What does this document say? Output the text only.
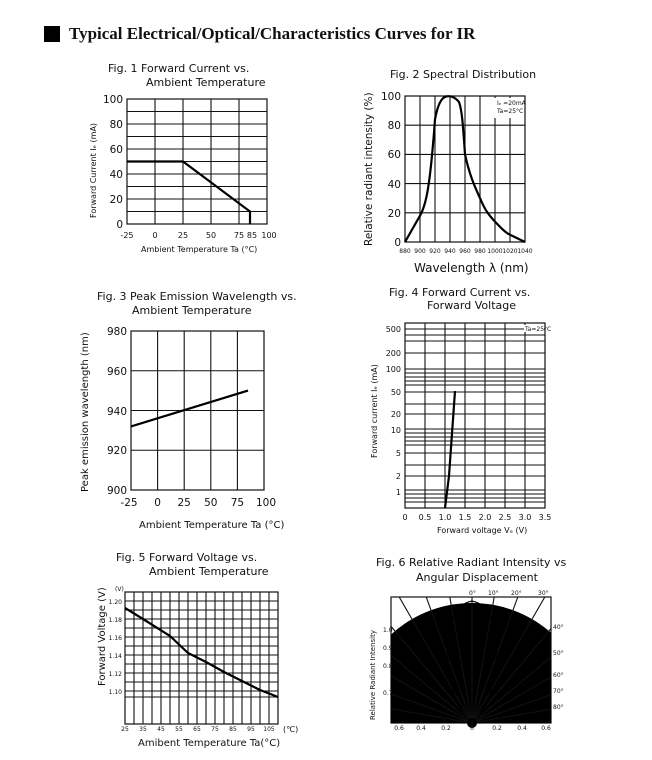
Typical Electrical/Optical/Characteristics Curves for IR
Fig. 1 Forward Current vs.
Ambient Temperature
100
80
60
40
20
0
-25 0	25 50 75 85 100
Ambient Temperature Ta (°C)
Forward Current Iₑ (mA)
Fig. 2 Spectral Distribution
Iₑ =20mA
Ta=25°C
100
80
60
40
20
0
880 900 920 940 960 980 1000 1020 1040
Wavelength λ (nm)
Relative radiant intensity (%)
Fig. 3 Peak Emission Wavelength vs.
Ambient Temperature
980
960
940
920
900
-25 0 25 50 75 100
Ambient Temperature Ta (°C)
Peak emission wavelength (nm)
Fig. 4 Forward Current vs.
Forward Voltage
Ta=25°C
500
200
100
50
20
10
5
2
1
0 0.5 1.0 1.5 2.0 2.5 3.0 3.5
Forward voltage Vₑ (V)
Forward current Iₑ (mA)
Fig. 5 Forward Voltage vs.
Ambient Temperature
(V)
1.20
1.18
1.16
1.14
1.12
1.10
25 35 45 55 65 75 85 95 105 (℃)
Amibent Temperature Ta(°C)
Forward Voltage (V)
Fig. 6 Relative Radiant Intensity vs
Angular Displacement
0° 10° 20°	30°
40°
50°
60°
70°
80°
1.0
0.9
0.8
0.7
0.6 0.4	0.2	0	0.2	0.4 0.6
Relative Radiant Intensity
